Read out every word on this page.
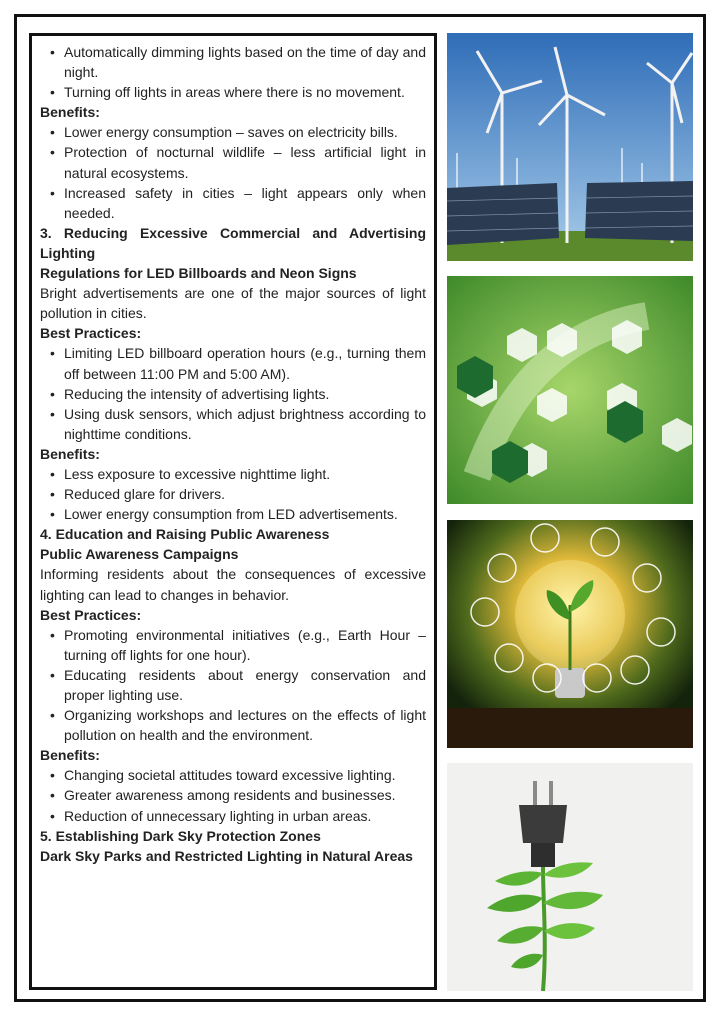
• Automatically dimming lights based on the time of day and night.
• Turning off lights in areas where there is no movement.

Benefits:

• Lower energy consumption – saves on electricity bills.
• Protection of nocturnal wildlife – less artificial light in natural ecosystems.
• Increased safety in cities – light appears only when needed.

3. Reducing Excessive Commercial and Advertising Lighting

Regulations for LED Billboards and Neon Signs

Bright advertisements are one of the major sources of light pollution in cities.

Best Practices:

• Limiting LED billboard operation hours (e.g., turning them off between 11:00 PM and 5:00 AM).
• Reducing the intensity of advertising lights.
• Using dusk sensors, which adjust brightness according to nighttime conditions.

Benefits:

• Less exposure to excessive nighttime light.
• Reduced glare for drivers.
• Lower energy consumption from LED advertisements.

4. Education and Raising Public Awareness

Public Awareness Campaigns

Informing residents about the consequences of excessive lighting can lead to changes in behavior.

Best Practices:

• Promoting environmental initiatives (e.g., Earth Hour – turning off lights for one hour).
• Educating residents about energy conservation and proper lighting use.
• Organizing workshops and lectures on the effects of light pollution on health and the environment.

Benefits:

• Changing societal attitudes toward excessive lighting.
• Greater awareness among residents and businesses.
• Reduction of unnecessary lighting in urban areas.

5. Establishing Dark Sky Protection Zones

Dark Sky Parks and Restricted Lighting in Natural Areas
